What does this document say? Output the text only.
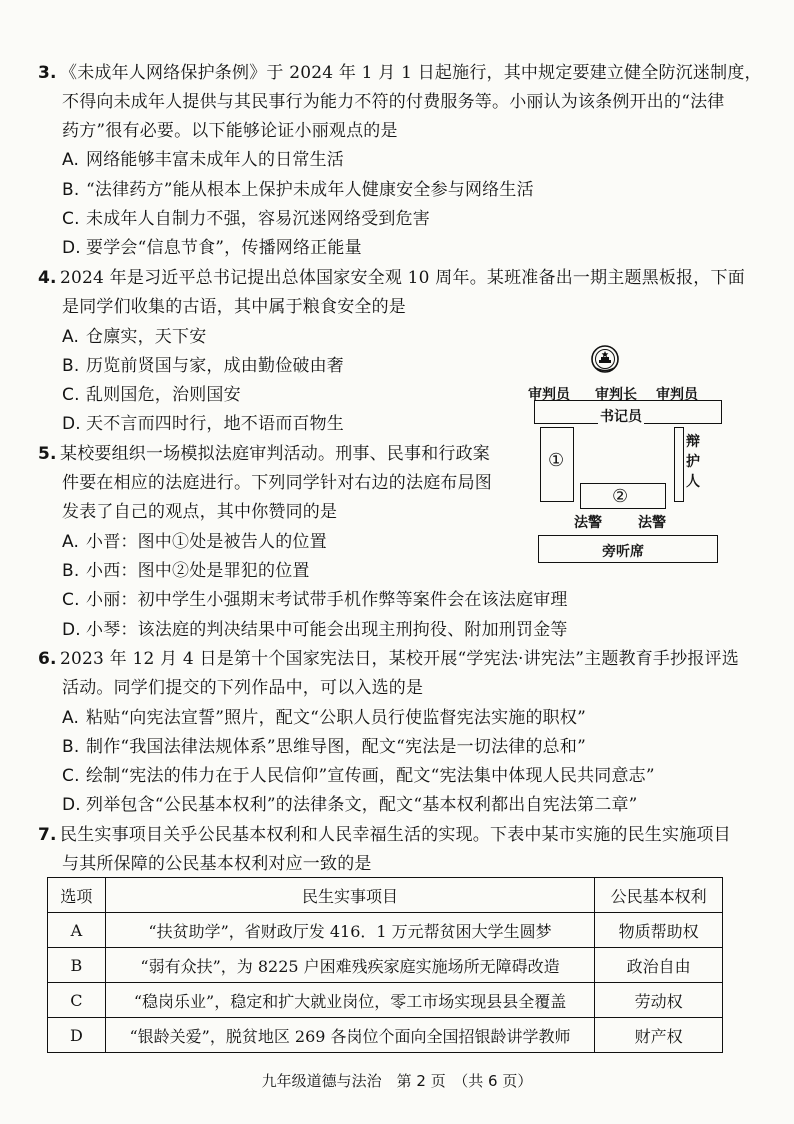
3. 《未成年人网络保护条例》于 2024 年 1 月 1 日起施行，其中规定要建立健全防沉迷制度，
不得向未成年人提供与其民事行为能力不符的付费服务等。小丽认为该条例开出的“法律
药方”很有必要。以下能够论证小丽观点的是
A. 网络能够丰富未成年人的日常生活
B. “法律药方”能从根本上保护未成年人健康安全参与网络生活
C. 未成年人自制力不强，容易沉迷网络受到危害
D. 要学会“信息节食”，传播网络正能量
4. 2024 年是习近平总书记提出总体国家安全观 10 周年。某班准备出一期主题黑板报，下面
是同学们收集的古语，其中属于粮食安全的是
A. 仓廪实，天下安
B. 历览前贤国与家，成由勤俭破由奢
C. 乱则国危，治则国安
D. 天不言而四时行，地不语而百物生
5. 某校要组织一场模拟法庭审判活动。刑事、民事和行政案
件要在相应的法庭进行。下列同学针对右边的法庭布局图
发表了自己的观点，其中你赞同的是
A. 小晋：图中①处是被告人的位置
B. 小西：图中②处是罪犯的位置
C. 小丽：初中学生小强期末考试带手机作弊等案件会在该法庭审理
D. 小琴：该法庭的判决结果中可能会出现主刑拘役、附加刑罚金等
审判员 审判长 审判员
书记员
①
辩护人
②
法警	法警
旁听席
6. 2023 年 12 月 4 日是第十个国家宪法日，某校开展“学宪法·讲宪法”主题教育手抄报评选
活动。同学们提交的下列作品中，可以入选的是
A. 粘贴“向宪法宣誓”照片，配文“公职人员行使监督宪法实施的职权”
B. 制作“我国法律法规体系”思维导图，配文“宪法是一切法律的总和”
C. 绘制“宪法的伟力在于人民信仰”宣传画，配文“宪法集中体现人民共同意志”
D. 列举包含“公民基本权利”的法律条文，配文“基本权利都出自宪法第二章”
7. 民生实事项目关乎公民基本权利和人民幸福生活的实现。下表中某市实施的民生实施项目
与其所保障的公民基本权利对应一致的是
选项	民生实事项目	公民基本权利
A	“扶贫助学”，省财政厅发 416．1 万元帮贫困大学生圆梦	物质帮助权
B	“弱有众扶”，为 8225 户困难残疾家庭实施场所无障碍改造	政治自由
C	“稳岗乐业”，稳定和扩大就业岗位，零工市场实现县县全覆盖	劳动权
D	“银龄关爱”，脱贫地区 269 各岗位个面向全国招银龄讲学教师	财产权
九年级道德与法治　第 2 页　（共 6 页）
